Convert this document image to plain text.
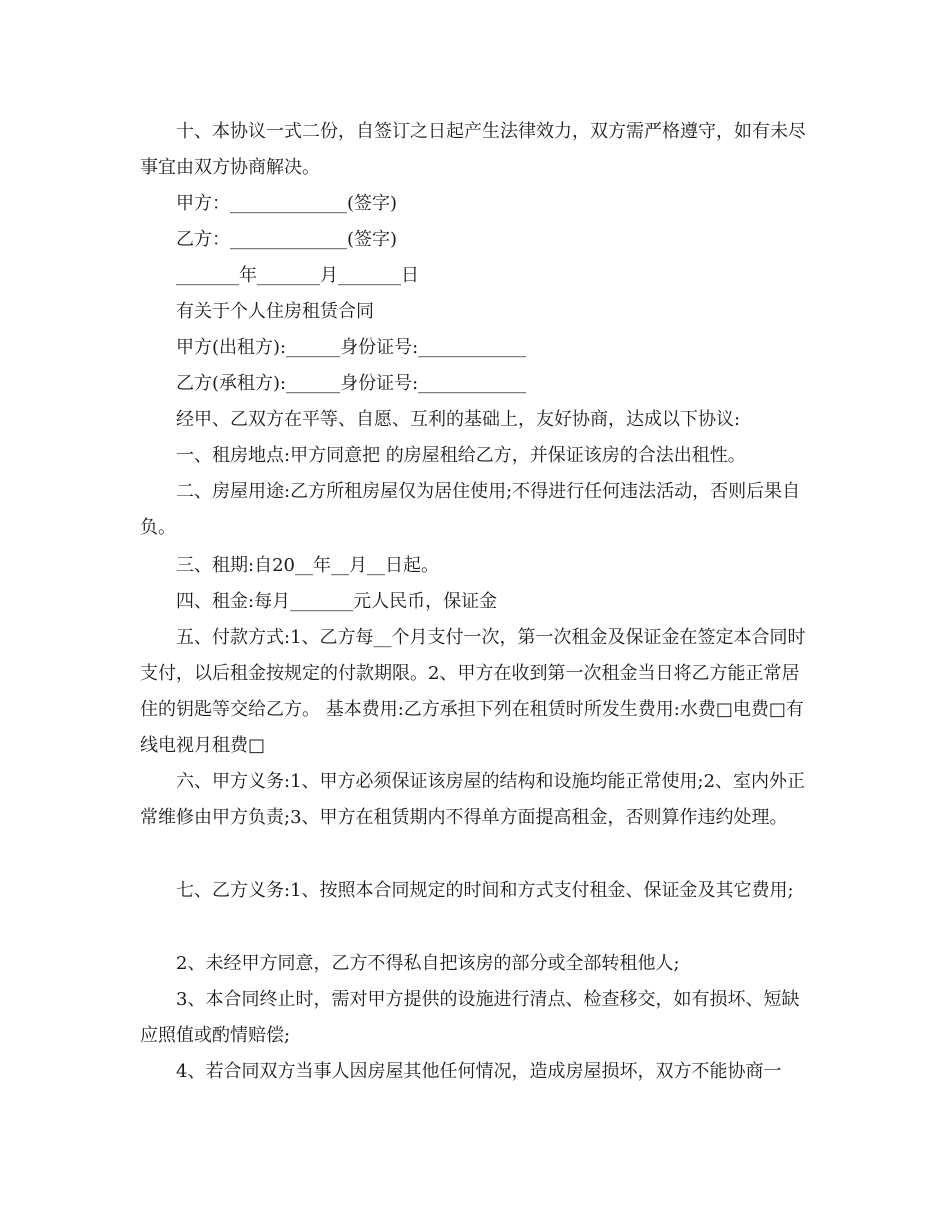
十、本协议一式二份，自签订之日起产生法律效力，双方需严格遵守，如有未尽事宜由双方协商解决。

甲方：_____________(签字)

乙方：_____________(签字)

_______年_______月_______日

有关于个人住房租赁合同

甲方(出租方):______身份证号:____________

乙方(承租方):______身份证号:____________

经甲、乙双方在平等、自愿、互利的基础上，友好协商，达成以下协议:

一、租房地点:甲方同意把 的房屋租给乙方，并保证该房的合法出租性。

二、房屋用途:乙方所租房屋仅为居住使用;不得进行任何违法活动，否则后果自负。

三、租期:自20__年__月__日起。

四、租金:每月_______元人民币，保证金

五、付款方式:1、乙方每__个月支付一次，第一次租金及保证金在签定本合同时支付，以后租金按规定的付款期限。2、甲方在收到第一次租金当日将乙方能正常居住的钥匙等交给乙方。 基本费用:乙方承担下列在租赁时所发生费用:水费□电费□有线电视月租费□

六、甲方义务:1、甲方必须保证该房屋的结构和设施均能正常使用;2、室内外正常维修由甲方负责;3、甲方在租赁期内不得单方面提高租金，否则算作违约处理。

七、乙方义务:1、按照本合同规定的时间和方式支付租金、保证金及其它费用;

2、未经甲方同意，乙方不得私自把该房的部分或全部转租他人;

3、本合同终止时，需对甲方提供的设施进行清点、检查移交，如有损坏、短缺应照值或酌情赔偿;

4、若合同双方当事人因房屋其他任何情况，造成房屋损坏，双方不能协商一
